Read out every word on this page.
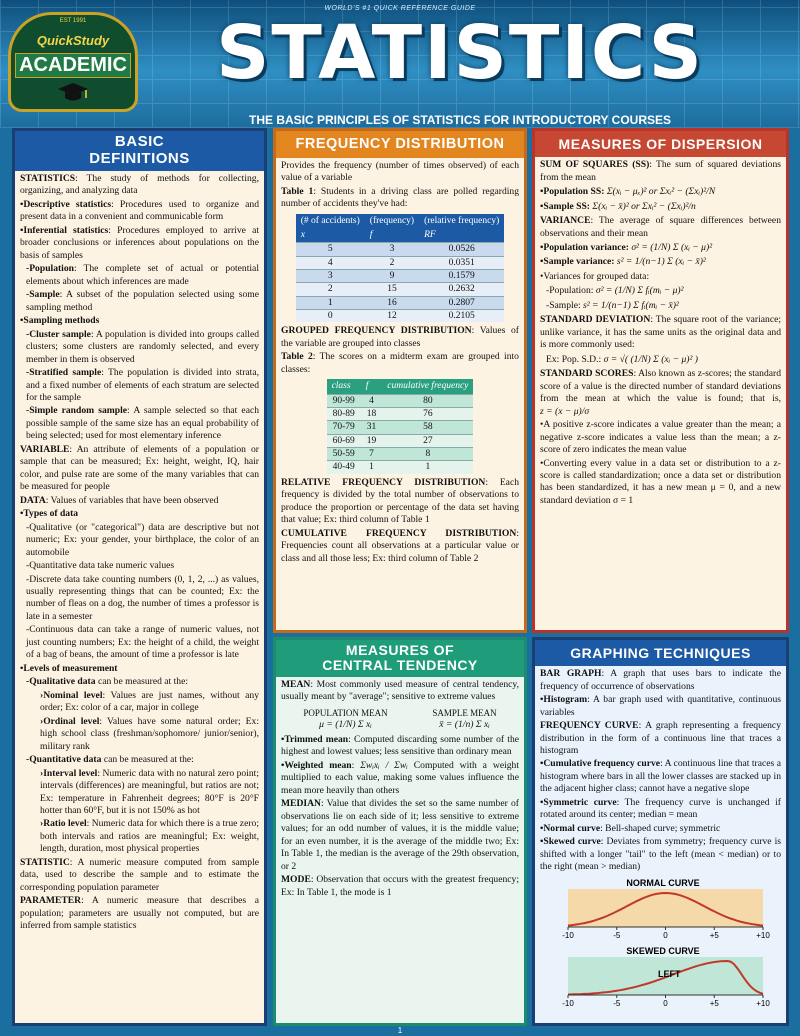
WORLD'S #1 QUICK REFERENCE GUIDE
EST 1991
QuickStudy
ACADEMIC STATISTICS
THE BASIC PRINCIPLES OF STATISTICS FOR INTRODUCTORY COURSES
BASIC
DEFINITIONS

STATISTICS: The study of methods for collecting, organizing, and analyzing data

•Descriptive statistics: Procedures used to organize and present data in a convenient and communicable form

•Inferential statistics: Procedures employed to arrive at broader conclusions or inferences about populations on the basis of samples

-Population: The complete set of actual or potential elements about which inferences are made

-Sample: A subset of the population selected using some sampling method

•Sampling methods

-Cluster sample: A population is divided into groups called clusters; some clusters are randomly selected, and every member in them is observed

-Stratified sample: The population is divided into strata, and a fixed number of elements of each stratum are selected for the sample

-Simple random sample: A sample selected so that each possible sample of the same size has an equal probability of being selected; used for most elementary inference

VARIABLE: An attribute of elements of a population or sample that can be measured; Ex: height, weight, IQ, hair color, and pulse rate are some of the many variables that can be measured for people

DATA: Values of variables that have been observed

•Types of data

-Qualitative (or "categorical") data are descriptive but not numeric; Ex: your gender, your birthplace, the color of an automobile

-Quantitative data take numeric values

-Discrete data take counting numbers (0, 1, 2, ...) as values, usually representing things that can be counted; Ex: the number of fleas on a dog, the number of times a professor is late in a semester

-Continuous data can take a range of numeric values, not just counting numbers; Ex: the height of a child, the weight of a bag of beans, the amount of time a professor is late

•Levels of measurement

-Qualitative data can be measured at the:

›Nominal level: Values are just names, without any order; Ex: color of a car, major in college

›Ordinal level: Values have some natural order; Ex: high school class (freshman/sophomore/ junior/senior), military rank

-Quantitative data can be measured at the:

›Interval level: Numeric data with no natural zero point; intervals (differences) are meaningful, but ratios are not; Ex: temperature in Fahrenheit degrees; 80°F is 20°F hotter than 60°F, but it is not 150% as hot

›Ratio level: Numeric data for which there is a true zero; both intervals and ratios are meaningful; Ex: weight, length, duration, most physical properties

STATISTIC: A numeric measure computed from sample data, used to describe the sample and to estimate the corresponding population parameter

PARAMETER: A numeric measure that describes a population; parameters are usually not computed, but are inferred from sample statistics

FREQUENCY DISTRIBUTION

Provides the frequency (number of times observed) of each value of a variable

Table 1: Students in a driving class are polled regarding number of accidents they've had:

(# of accidents)	(frequency)	(relative frequency)
x	f	RF
5	3	0.0526
4	2	0.0351
3	9	0.1579
2	15	0.2632
1	16	0.2807
0	12	0.2105

GROUPED FREQUENCY DISTRIBUTION: Values of the variable are grouped into classes

Table 2: The scores on a midterm exam are grouped into classes:

class	f	cumulative frequency
90-99	4	80
80-89	18	76
70-79	31	58
60-69	19	27
50-59	7	8
40-49	1	1

RELATIVE FREQUENCY DISTRIBUTION: Each frequency is divided by the total number of observations to produce the proportion or percentage of the data set having that value; Ex: third column of Table 1

CUMULATIVE FREQUENCY DISTRIBUTION: Frequencies count all observations at a particular value or class and all those less; Ex: third column of Table 2

MEASURES OF DISPERSION

SUM OF SQUARES (SS): The sum of squared deviations from the mean

•Population SS: Σ(xᵢ − μₓ)² or Σxᵢ² − (Σxᵢ)²/N

•Sample SS: Σ(xᵢ − x̄)² or Σxᵢ² − (Σxᵢ)²/n

VARIANCE: The average of square differences between observations and their mean

•Population variance: σ² = (1/N) Σ (xᵢ − μ)²

•Sample variance: s² = 1/(n−1) Σ (xᵢ − x̄)²

•Variances for grouped data:

-Population: σ² = (1/N) Σ fᵢ(mᵢ − μ)²

-Sample: s² = 1/(n−1) Σ fᵢ(mᵢ − x̄)²

STANDARD DEVIATION: The square root of the variance; unlike variance, it has the same units as the original data and is more commonly used:

Ex: Pop. S.D.: σ = √( (1/N) Σ (xᵢ − μ)² )

STANDARD SCORES: Also known as z-scores; the standard score of a value is the directed number of standard deviations from the mean at which the value is found; that is, z = (x − μ)/σ

•A positive z-score indicates a value greater than the mean; a negative z-score indicates a value less than the mean; a z-score of zero indicates the mean value

•Converting every value in a data set or distribution to a z-score is called standardization; once a data set or distribution has been standardized, it has a new mean μ = 0, and a new standard deviation σ = 1

MEASURES OF
CENTRAL TENDENCY

MEAN: Most commonly used measure of central tendency, usually meant by "average"; sensitive to extreme values

POPULATION MEAN
μ = (1/N) Σ xᵢ
SAMPLE MEAN
x̄ = (1/n) Σ xᵢ

•Trimmed mean: Computed discarding some number of the highest and lowest values; less sensitive than ordinary mean

•Weighted mean: Σwᵢxᵢ / Σwᵢ Computed with a weight multiplied to each value, making some values influence the mean more heavily than others

MEDIAN: Value that divides the set so the same number of observations lie on each side of it; less sensitive to extreme values; for an odd number of values, it is the middle value; for an even number, it is the average of the middle two; Ex: In Table 1, the median is the average of the 29th observation, or 2

MODE: Observation that occurs with the greatest frequency; Ex: In Table 1, the mode is 1

GRAPHING TECHNIQUES

BAR GRAPH: A graph that uses bars to indicate the frequency of occurrence of observations

•Histogram: A bar graph used with quantitative, continuous variables

FREQUENCY CURVE: A graph representing a frequency distribution in the form of a continuous line that traces a histogram

•Cumulative frequency curve: A continuous line that traces a histogram where bars in all the lower classes are stacked up in the adjacent higher class; cannot have a negative slope

•Symmetric curve: The frequency curve is unchanged if rotated around its center; median = mean

•Normal curve: Bell-shaped curve; symmetric

•Skewed curve: Deviates from symmetry; frequency curve is shifted with a longer "tail" to the left (mean < median) or to the right (mean > median)

NORMAL CURVE
-10	-5	0	+5	+10

SKEWED CURVE
LEFT
-10	-5	0	+5	+10
1
